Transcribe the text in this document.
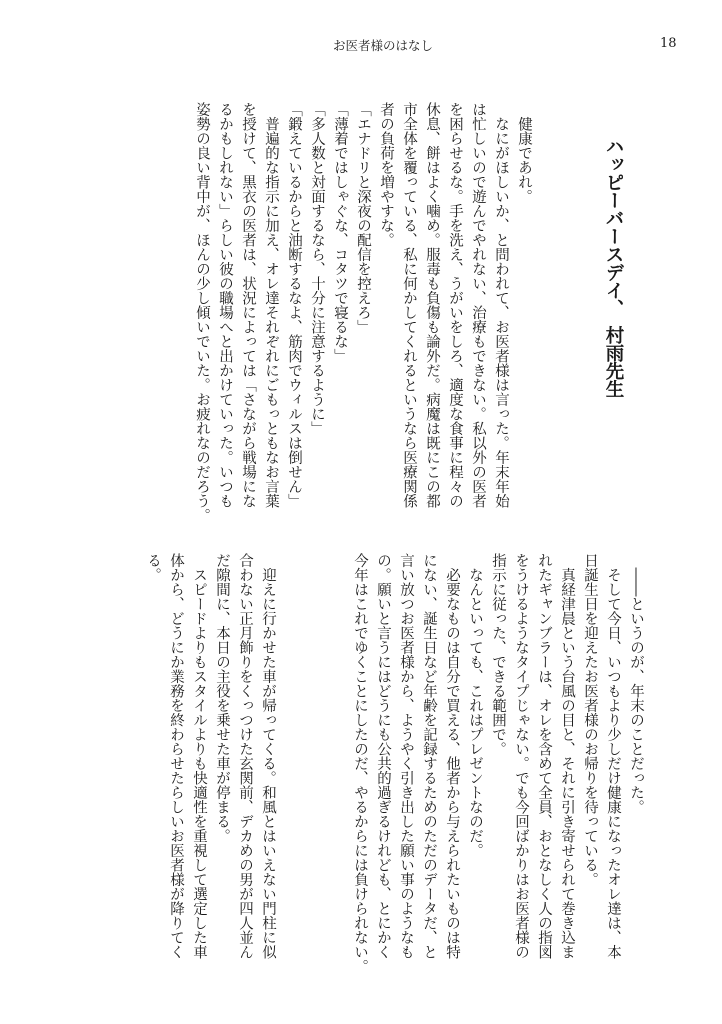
お医者様のはなし	18
ハッピーバースデイ、　村雨先生
　健康であれ。
　なにがほしいか、と問われて、お医者様は言った。年末年始
は忙しいので遊んでやれない、治療もできない。私以外の医者
を困らせるな。手を洗え、うがいをしろ、適度な食事に程々の
休息、餅はよく噛め。服毒も負傷も論外だ。病魔は既にこの都
市全体を覆っている、私に何かしてくれるというなら医療関係
者の負荷を増やすな。
「エナドリと深夜の配信を控えろ」
「薄着ではしゃぐな、コタツで寝るな」
「多人数と対面するなら、十分に注意するように」
「鍛えているからと油断するなよ、筋肉でウィルスは倒せん」
　普遍的な指示に加え、オレ達それぞれにごもっともなお言葉
を授けて、黒衣の医者は、状況によっては「さながら戦場にな
るかもしれない」らしい彼の職場へと出かけていった。いつも
姿勢の良い背中が、ほんの少し傾いでいた。お疲れなのだろう。
　――というのが、年末のことだった。
　そして今日、いつもより少しだけ健康になったオレ達は、本
日誕生日を迎えたお医者様のお帰りを待っている。
　真経津晨という台風の目と、それに引き寄せられて巻き込ま
れたギャンブラーは、オレを含めて全員、おとなしく人の指図
をうけるようなタイプじゃない。でも今回ばかりはお医者様の
指示に従った、できる範囲で。
　なんといっても、これはプレゼントなのだ。
　必要なものは自分で買える、他者から与えられたいものは特
にない、誕生日など年齢を記録するためのただのデータだ、と
言い放つお医者様から、ようやく引き出した願い事のようなも
の。願いと言うにはどうにも公共的過ぎるけれども、とにかく
今年はこれでゆくことにしたのだ、やるからには負けられない。
　迎えに行かせた車が帰ってくる。和風とはいえない門柱に似
合わない正月飾りをくっつけた玄関前、デカめの男が四人並ん
だ隙間に、本日の主役を乗せた車が停まる。
　スピードよりもスタイルよりも快適性を重視して選定した車
体から、どうにか業務を終わらせたらしいお医者様が降りてく
る。
